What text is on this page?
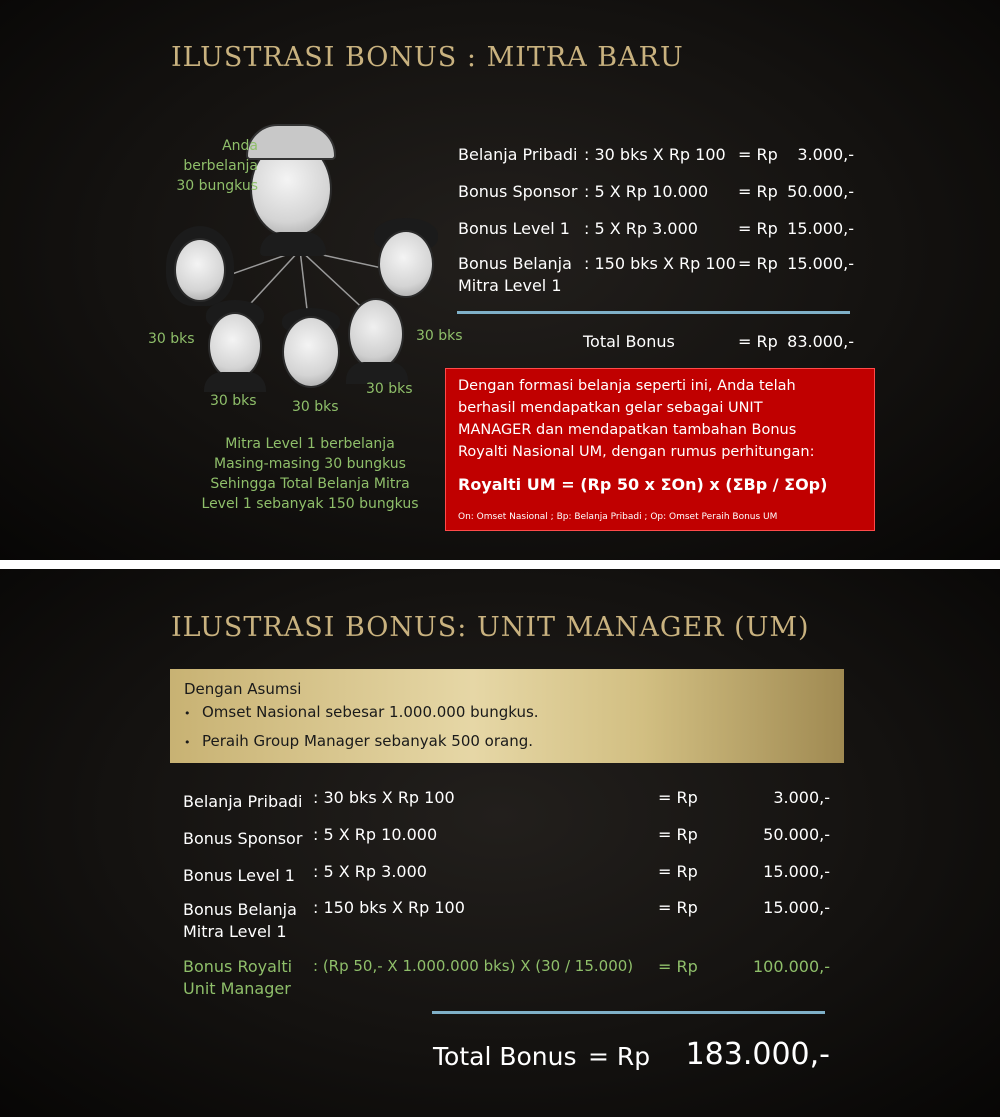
ILUSTRASI BONUS : MITRA BARU
Anda
berbelanja
30 bungkus
30 bks
30 bks	30 bks
30 bks
30 bks
Mitra Level 1 berbelanja
Masing-masing 30 bungkus
Sehingga Total Belanja Mitra
Level 1 sebanyak 150 bungkus
Belanja Pribadi : 30 bks X Rp 100 = Rp	3.000,-
Bonus Sponsor : 5 X Rp 10.000 = Rp 50.000,-
Bonus Level 1 : 5 X Rp 3.000	= Rp 15.000,-
Bonus Belanja
Mitra Level 1
: 150 bks X Rp 100 = Rp 15.000,-
Total Bonus	= Rp 83.000,-
Dengan formasi belanja seperti ini, Anda telah
berhasil mendapatkan gelar sebagai UNIT
MANAGER dan mendapatkan tambahan Bonus
Royalti Nasional UM, dengan rumus perhitungan:
Royalti UM = (Rp 50 x ΣOn) x (ΣBp / ΣOp)
On: Omset Nasional ; Bp: Belanja Pribadi ; Op: Omset Peraih Bonus UM
ILUSTRASI BONUS: UNIT MANAGER (UM)
Dengan Asumsi
• Omset Nasional sebesar 1.000.000 bungkus.
• Peraih Group Manager sebanyak 500 orang.
Belanja Pribadi : 30 bks X Rp 100	= Rp	3.000,-
Bonus Sponsor : 5 X Rp 10.000	= Rp	50.000,-
Bonus Level 1 : 5 X Rp 3.000	= Rp	15.000,-
Bonus Belanja
Mitra Level 1
: 150 bks X Rp 100	= Rp	15.000,-
Bonus Royalti
Unit Manager
: (Rp 50,- X 1.000.000 bks) X (30 / 15.000) = Rp	100.000,-
Total Bonus = Rp	183.000,-
